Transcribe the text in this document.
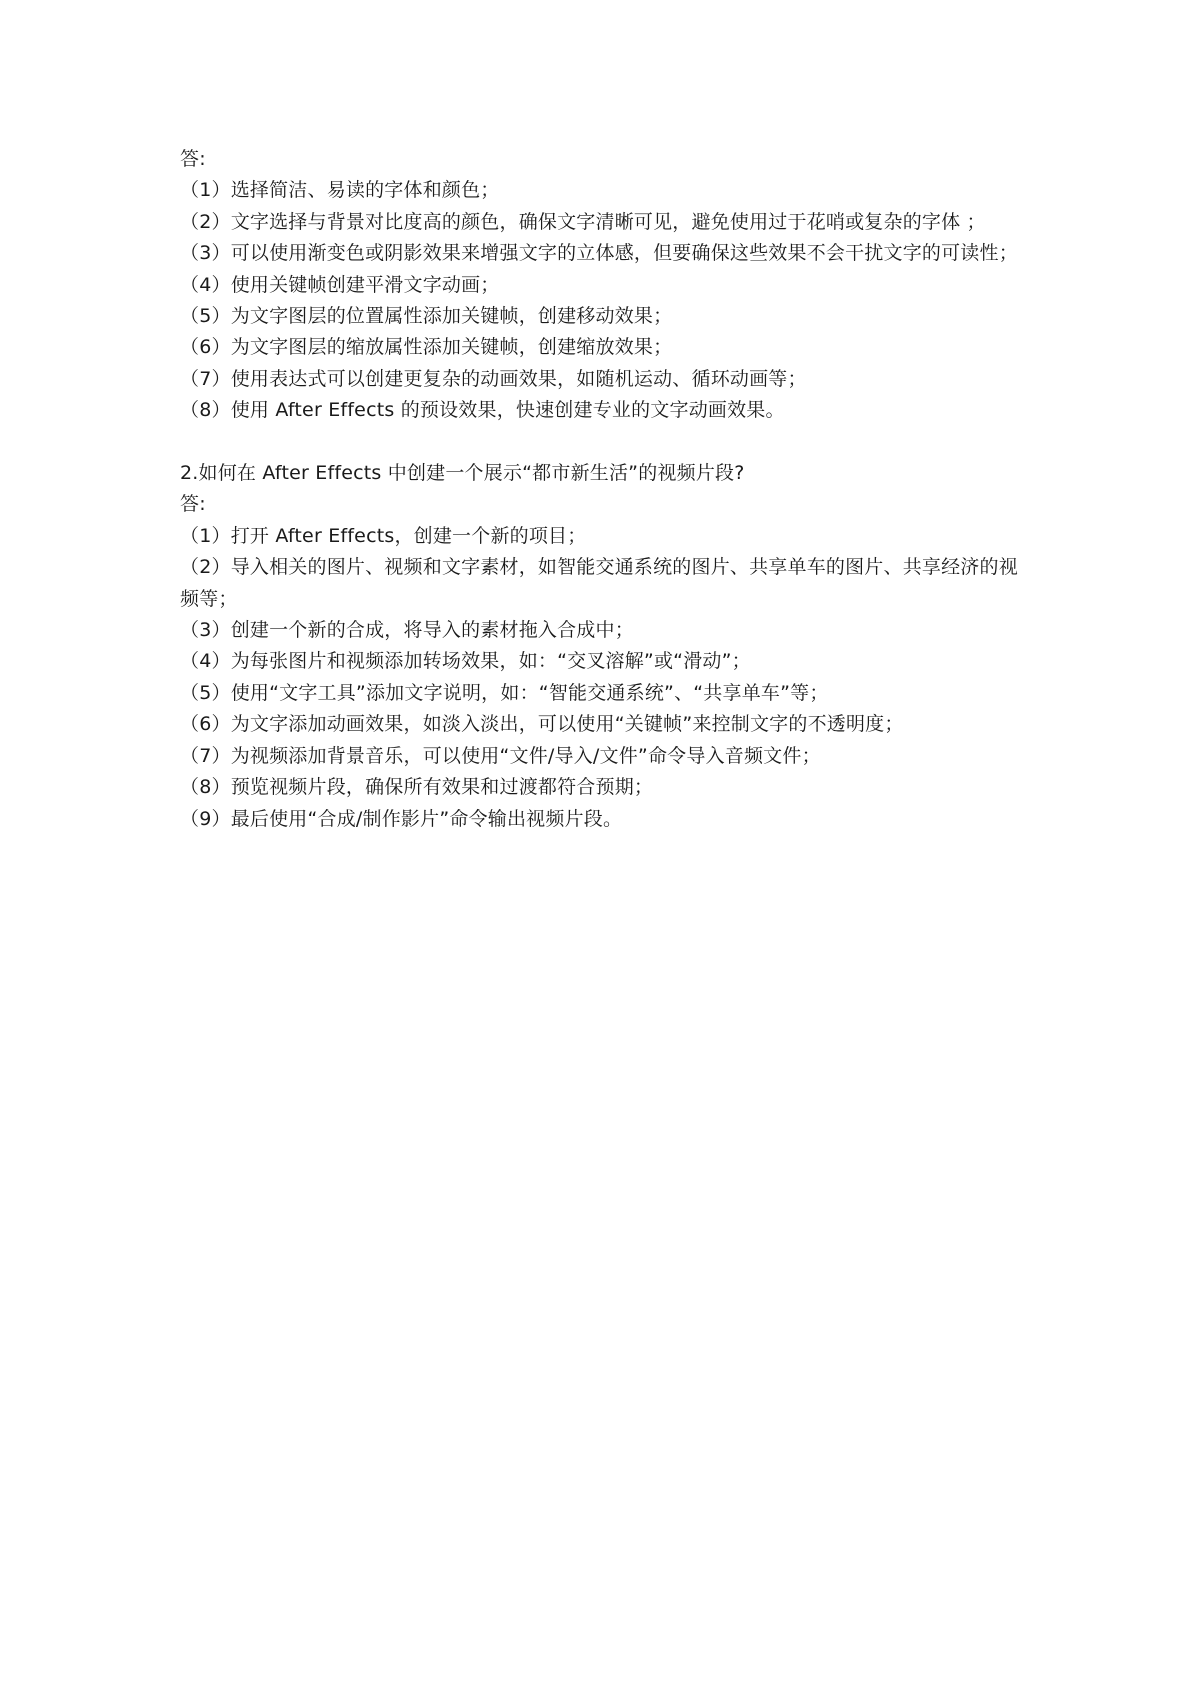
答:
（1）选择简洁、易读的字体和颜色；
（2）文字选择与背景对比度高的颜色，确保文字清晰可见，避免使用过于花哨或复杂的字体 ；
（3）可以使用渐变色或阴影效果来增强文字的立体感，但要确保这些效果不会干扰文字的可读性；
（4）使用关键帧创建平滑文字动画；
（5）为文字图层的位置属性添加关键帧，创建移动效果；
（6）为文字图层的缩放属性添加关键帧，创建缩放效果；
（7）使用表达式可以创建更复杂的动画效果，如随机运动、循环动画等；
（8）使用 After Effects 的预设效果，快速创建专业的文字动画效果。
2.如何在 After Effects 中创建一个展示“都市新生活”的视频片段?
答:
（1）打开 After Effects，创建一个新的项目；
（2）导入相关的图片、视频和文字素材，如智能交通系统的图片、共享单车的图片、共享经济的视频等；
（3）创建一个新的合成，将导入的素材拖入合成中；
（4）为每张图片和视频添加转场效果，如：“交叉溶解”或“滑动”；
（5）使用“文字工具”添加文字说明，如：“智能交通系统”、“共享单车”等；
（6）为文字添加动画效果，如淡入淡出，可以使用“关键帧”来控制文字的不透明度；
（7）为视频添加背景音乐，可以使用“文件/导入/文件”命令导入音频文件；
（8）预览视频片段，确保所有效果和过渡都符合预期；
（9）最后使用“合成/制作影片”命令输出视频片段。
